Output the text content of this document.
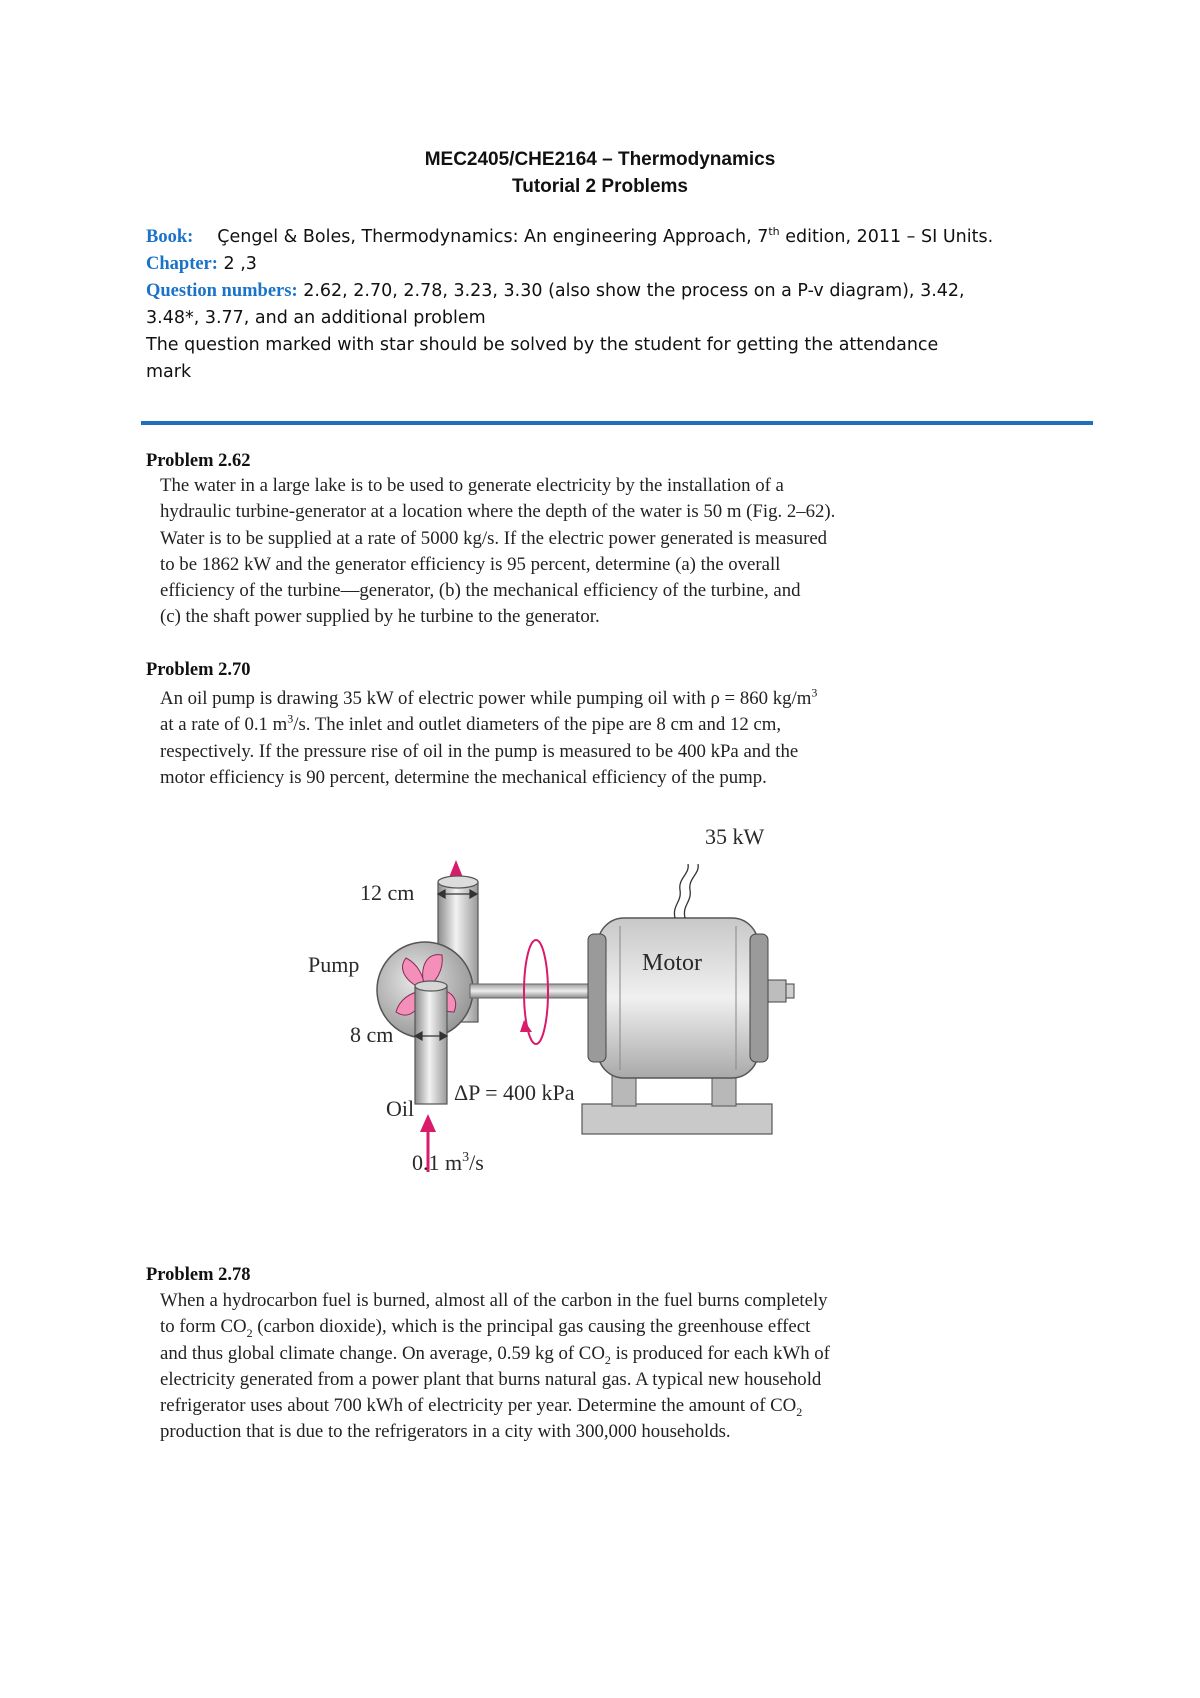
MEC2405/CHE2164 – Thermodynamics
Tutorial 2 Problems
Book: Çengel & Boles, Thermodynamics: An engineering Approach, 7th edition, 2011 – SI Units.
Chapter: 2 ,3
Question numbers: 2.62, 2.70, 2.78, 3.23, 3.30 (also show the process on a P-v diagram), 3.42,
3.48*, 3.77, and an additional problem
The question marked with star should be solved by the student for getting the attendance
mark
Problem 2.62
The water in a large lake is to be used to generate electricity by the installation of a
hydraulic turbine-generator at a location where the depth of the water is 50 m (Fig. 2–62).
Water is to be supplied at a rate of 5000 kg/s. If the electric power generated is measured
to be 1862 kW and the generator efficiency is 95 percent, determine (a) the overall
efficiency of the turbine—generator, (b) the mechanical efficiency of the turbine, and
(c) the shaft power supplied by he turbine to the generator.
Problem 2.70
An oil pump is drawing 35 kW of electric power while pumping oil with ρ = 860 $kg/m^3$
at a rate of 0.1 $m^3/s$. The inlet and outlet diameters of the pipe are 8 cm and 12 cm,
respectively. If the pressure rise of oil in the pump is measured to be 400 kPa and the
motor efficiency is 90 percent, determine the mechanical efficiency of the pump.
35 kW
12 cm
Pump
8 cm
Motor
ΔP = 400 kPa
Oil
0.1 $m^3/s$
Problem 2.78
When a hydrocarbon fuel is burned, almost all of the carbon in the fuel burns completely
to form $CO_2$ (carbon dioxide), which is the principal gas causing the greenhouse effect
and thus global climate change. On average, 0.59 kg of $CO_2$ is produced for each kWh of
electricity generated from a power plant that burns natural gas. A typical new household
refrigerator uses about 700 kWh of electricity per year. Determine the amount of $CO_2$
production that is due to the refrigerators in a city with 300,000 households.
